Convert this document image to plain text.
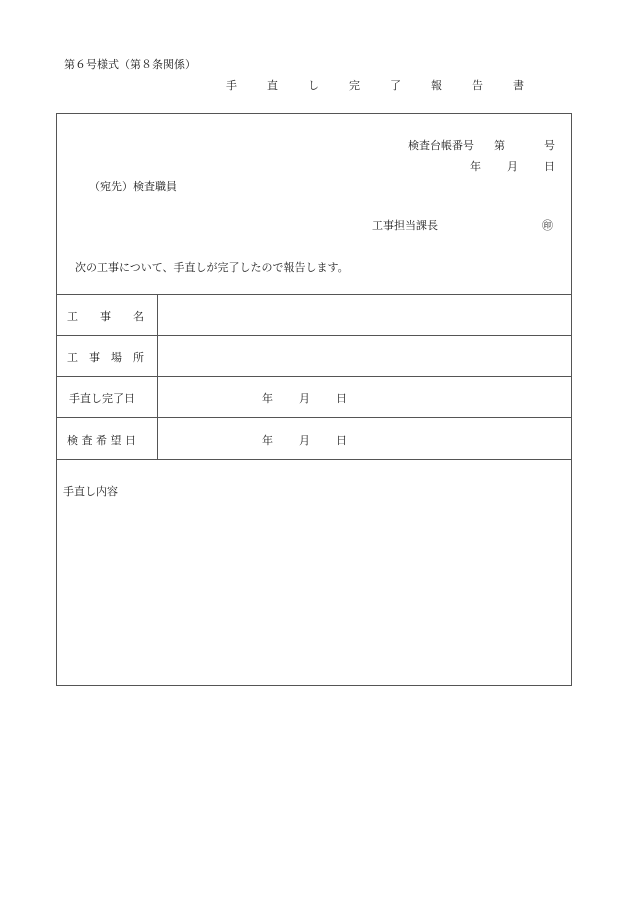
第６号様式（第８条関係）
手　直　し　完　了　報　告　書
検査台帳番号 第	号
年 月 日
（宛先）検査職員
工事担当課長	㊞
次の工事について、手直しが完了したので報告します。
工　　事　　名
工　事　場　所
手直し完了日	年 月 日
検 査 希 望 日	年 月 日
手直し内容
